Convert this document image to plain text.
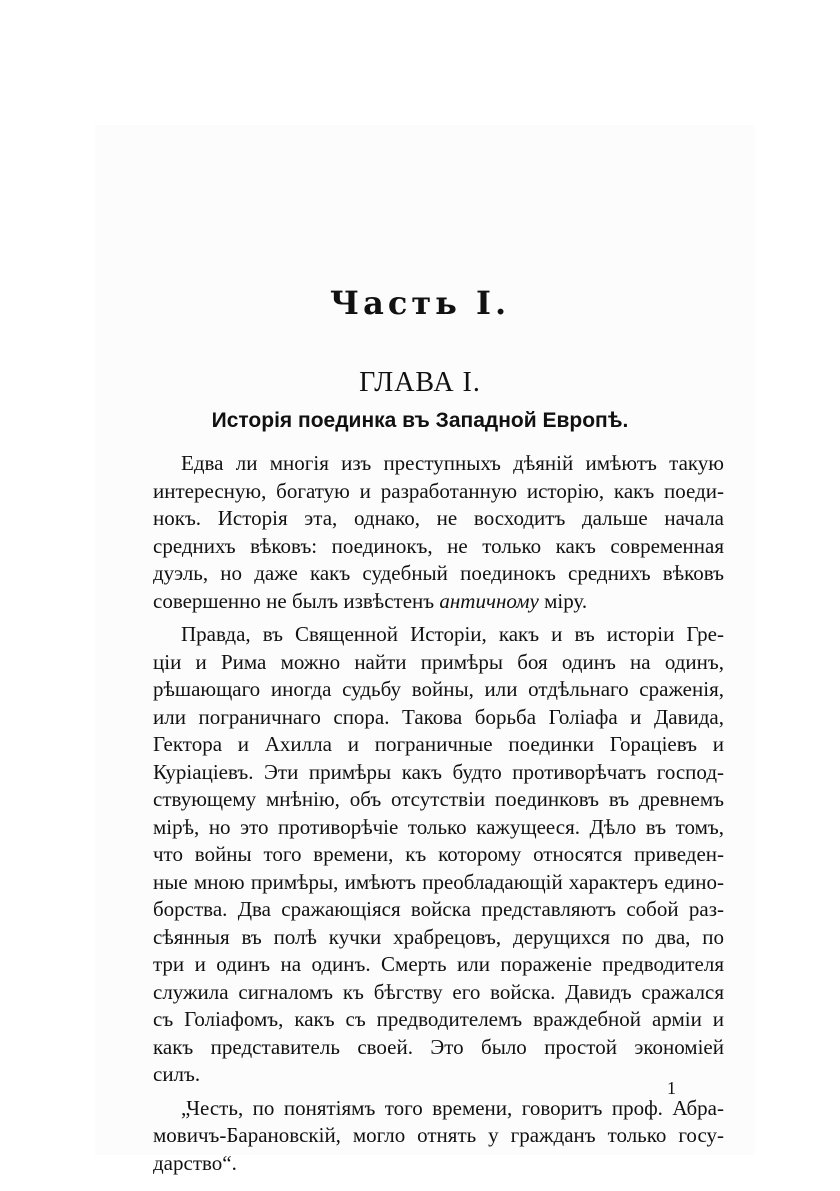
Часть I.
ГЛАВА I.
Исторія поединка въ Западной Европѣ.
Едва ли многія изъ преступныхъ дѣяній имѣютъ такую
интересную, богатую и разработанную исторію, какъ поеди-
нокъ. Исторія эта, однако, не восходитъ дальше начала
среднихъ вѣковъ: поединокъ, не только какъ современная
дуэль, но даже какъ судебный поединокъ среднихъ вѣковъ
совершенно не былъ извѣстенъ античному міру.
Правда, въ Священной Исторіи, какъ и въ исторіи Гре-
ціи и Рима можно найти примѣры боя одинъ на одинъ,
рѣшающаго иногда судьбу войны, или отдѣльнаго сраженія,
или пограничнаго спора. Такова борьба Голіафа и Давида,
Гектора и Ахилла и пограничные поединки Горацiевъ и
Куріаціевъ. Эти примѣры какъ будто противорѣчатъ господ-
ствующему мнѣнію, объ отсутствіи поединковъ въ древнемъ
мірѣ, но это противорѣчіе только кажущееся. Дѣло въ томъ,
что войны того времени, къ которому относятся приведен-
ные мною примѣры, имѣютъ преобладающій характеръ едино-
борства. Два сражающіяся войска представляютъ собой раз-
сѣянныя въ полѣ кучки храбрецовъ, дерущихся по два, по
три и одинъ на одинъ. Смерть или пораженіе предводителя
служила сигналомъ къ бѣгству его войска. Давидъ сражался
съ Голіафомъ, какъ съ предводителемъ враждебной арміи и
какъ представитель своей. Это было простой экономіей
силъ.
„Честь, по понятіямъ того времени, говоритъ проф. Абра-
мовичъ-Барановскій, могло отнять у гражданъ только госу-
дарство“.
1
